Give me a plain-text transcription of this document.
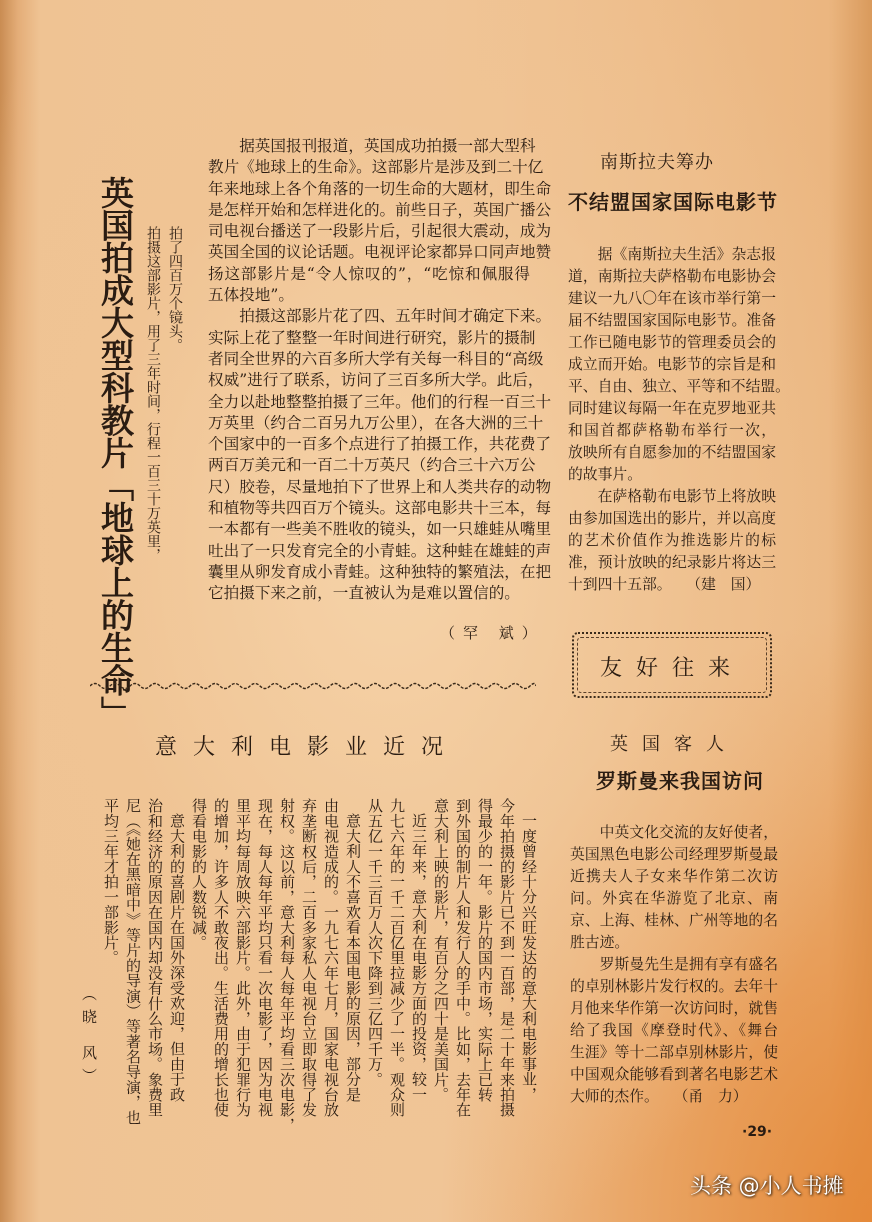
英国拍成大型科教片「地球上的生命」 拍了四百万个镜头。
拍摄这部影片，用了三年时间，行程一百三十万英里，
据英国报刊报道，英国成功拍摄一部大型科
教片《地球上的生命》。这部影片是涉及到二十亿
年来地球上各个角落的一切生命的大题材，即生命
是怎样开始和怎样进化的。前些日子，英国广播公
司电视台播送了一段影片后，引起很大震动，成为
英国全国的议论话题。电视评论家都异口同声地赞
扬这部影片是“令人惊叹的”，“吃惊和佩服得
五体投地”。
拍摄这部影片花了四、五年时间才确定下来。
实际上花了整整一年时间进行研究，影片的摄制
者同全世界的六百多所大学有关每一科目的“高级
权威”进行了联系，访问了三百多所大学。此后，
全力以赴地整整拍摄了三年。他们的行程一百三十
万英里（约合二百另九万公里），在各大洲的三十
个国家中的一百多个点进行了拍摄工作，共花费了
两百万美元和一百二十万英尺（约合三十六万公
尺）胶卷，尽量地拍下了世界上和人类共存的动物
和植物等共四百万个镜头。这部电影共十三本，每
一本都有一些美不胜收的镜头，如一只雄蛙从嘴里
吐出了一只发育完全的小青蛙。这种蛙在雄蛙的声
囊里从卵发育成小青蛙。这种独特的繁殖法，在把
它拍摄下来之前，一直被认为是难以置信的。
（罕 斌）
南斯拉夫筹办
不结盟国家国际电影节
据《南斯拉夫生活》杂志报
道，南斯拉夫萨格勒布电影协会
建议一九八〇年在该市举行第一
届不结盟国家国际电影节。准备
工作已随电影节的管理委员会的
成立而开始。电影节的宗旨是和
平、自由、独立、平等和不结盟。
同时建议每隔一年在克罗地亚共
和国首都萨格勒布举行一次，
放映所有自愿参加的不结盟国家
的故事片。
在萨格勒布电影节上将放映
由参加国选出的影片，并以高度
的艺术价值作为推选影片的标
准，预计放映的纪录影片将达三
十到四十五部。　　（建　国）
友好往来
英国客人
罗斯曼来我国访问
中英文化交流的友好使者，
英国黑色电影公司经理罗斯曼最
近携夫人子女来华作第二次访
问。外宾在华游览了北京、南
京、上海、桂林、广州等地的名
胜古迹。
罗斯曼先生是拥有享有盛名
的卓别林影片发行权的。去年十
月他来华作第一次访问时，就售
给了我国《摩登时代》、《舞台
生涯》等十二部卓别林影片，使
中国观众能够看到著名电影艺术
大师的杰作。　　（甬　力）
意大利电影业近况
一度曾经十分兴旺发达的意大利电影事业，
今年拍摄的影片已不到一百部，是二十年来拍摄
得最少的一年。影片的国内市场，实际上已转
到外国的制片人和发行人的手中。比如，去年在
意大利上映的影片，有百分之四十是美国片。
近三年来，意大利在电影方面的投资，较一
九七六年的一千二百亿里拉减少了一半。观众则
从五亿一千三百万人次下降到三亿四千万。
意大利人不喜欢看本国电影的原因，部分是
由电视造成的。一九七六年七月，国家电视台放
弃垄断权后，二百多家私人电视台立即取得了发
射权。这以前，意大利每人每年平均看三次电影，
现在，每人每年平均只看一次电影了，因为电视
里平均每周放映六部影片。此外，由于犯罪行为
的增加，许多人不敢夜出。生活费用的增长也使
得看电影的人数锐减。
意大利的喜剧片在国外深受欢迎，但由于政
治和经济的原因在国内却没有什么市场。象费里
尼（《她在黑暗中》等片的导演）等著名导演，也
平均三年才拍一部影片。
（晓 风）
·29·
头条 @小人书摊
